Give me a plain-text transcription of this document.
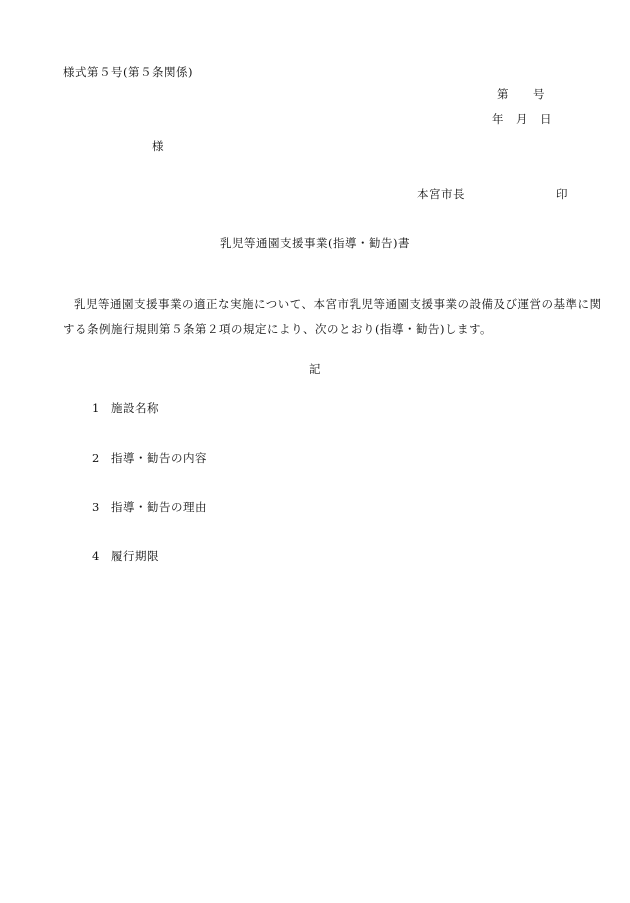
様式第５号(第５条関係)
第　　号
年　月　日
様
本宮市長	印
乳児等通園支援事業(指導・勧告)書
乳児等通園支援事業の適正な実施について、本宮市乳児等通園支援事業の設備及び運営の基準に関
する条例施行規則第５条第２項の規定により、次のとおり(指導・勧告)します。
記
1 施設名称
2 指導・勧告の内容
3 指導・勧告の理由
4 履行期限
